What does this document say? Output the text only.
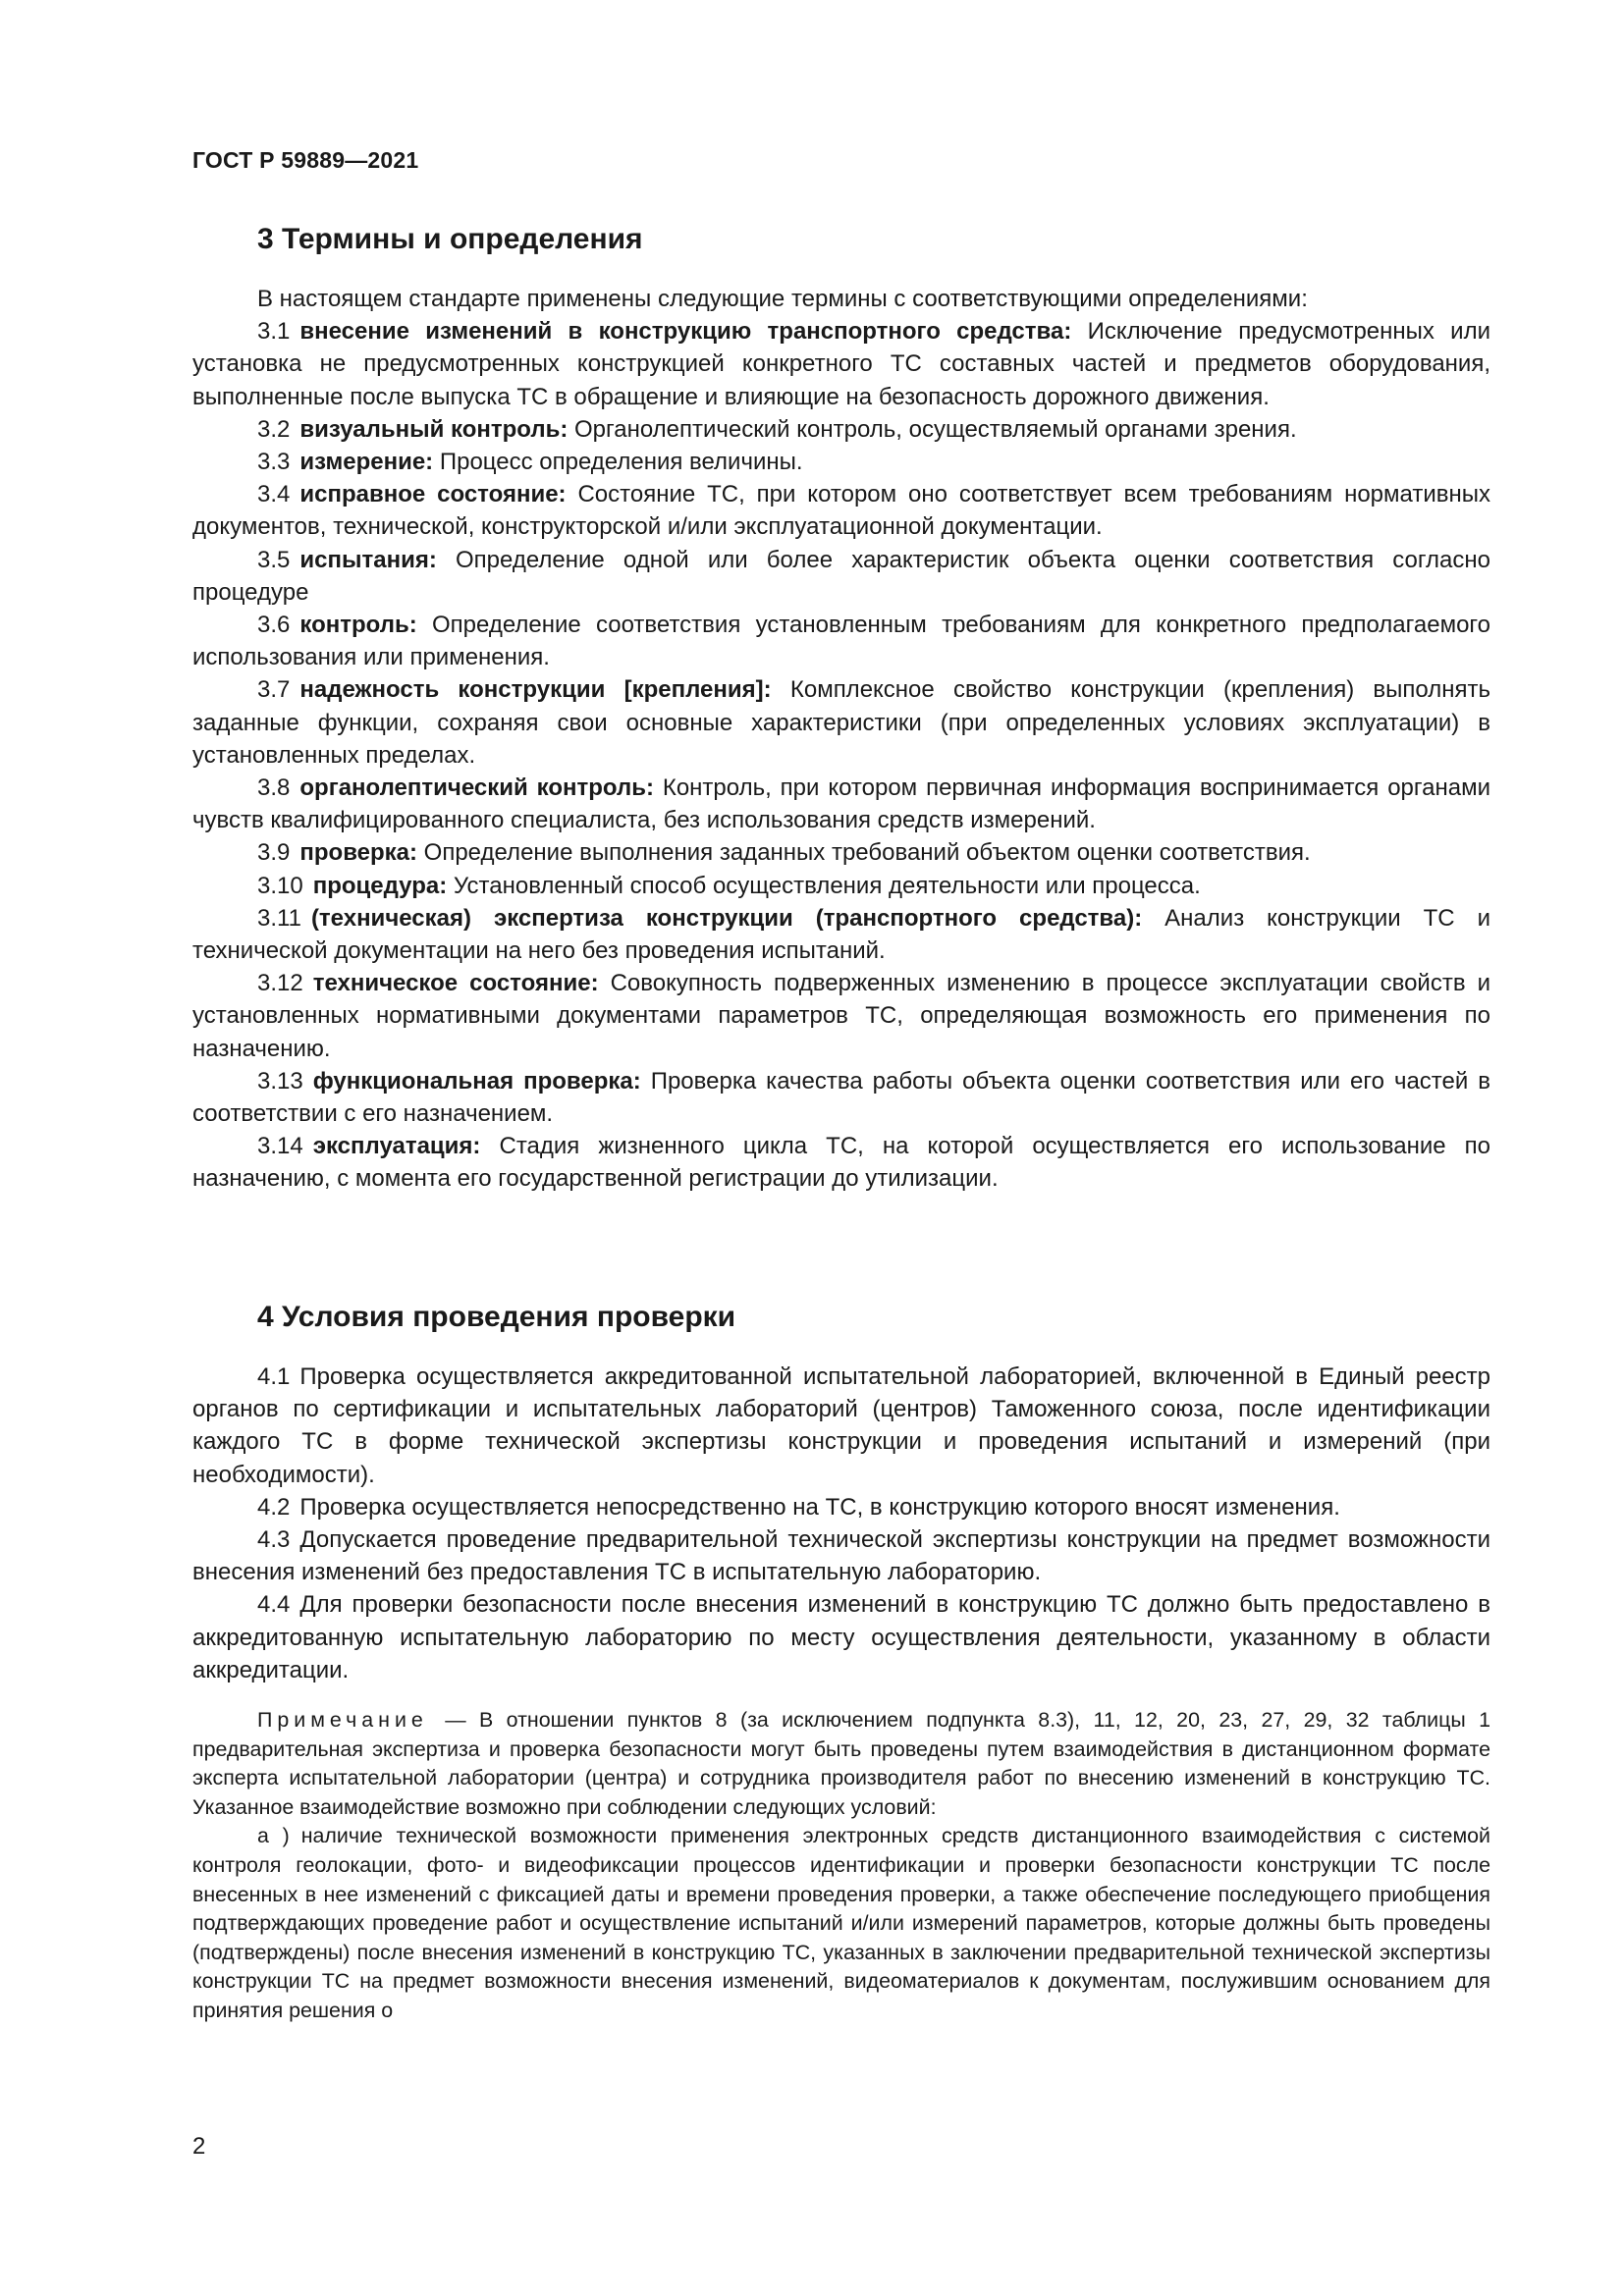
ГОСТ Р 59889—2021
3 Термины и определения

В настоящем стандарте применены следующие термины с соответствующими определениями:

3.1 внесение изменений в конструкцию транспортного средства: Исключение предусмотренных или установка не предусмотренных конструкцией конкретного ТС составных частей и предметов оборудования, выполненные после выпуска ТС в обращение и влияющие на безопасность дорожного движения.

3.2 визуальный контроль: Органолептический контроль, осуществляемый органами зрения.

3.3 измерение: Процесс определения величины.

3.4 исправное состояние: Состояние ТС, при котором оно соответствует всем требованиям нормативных документов, технической, конструкторской и/или эксплуатационной документации.

3.5 испытания: Определение одной или более характеристик объекта оценки соответствия согласно процедуре

3.6 контроль: Определение соответствия установленным требованиям для конкретного предполагаемого использования или применения.

3.7 надежность конструкции [крепления]: Комплексное свойство конструкции (крепления) выполнять заданные функции, сохраняя свои основные характеристики (при определенных условиях эксплуатации) в установленных пределах.

3.8 органолептический контроль: Контроль, при котором первичная информация воспринимается органами чувств квалифицированного специалиста, без использования средств измерений.

3.9 проверка: Определение выполнения заданных требований объектом оценки соответствия.

3.10 процедура: Установленный способ осуществления деятельности или процесса.

3.11 (техническая) экспертиза конструкции (транспортного средства): Анализ конструкции ТС и технической документации на него без проведения испытаний.

3.12 техническое состояние: Совокупность подверженных изменению в процессе эксплуатации свойств и установленных нормативными документами параметров ТС, определяющая возможность его применения по назначению.

3.13 функциональная проверка: Проверка качества работы объекта оценки соответствия или его частей в соответствии с его назначением.

3.14 эксплуатация: Стадия жизненного цикла ТС, на которой осуществляется его использование по назначению, с момента его государственной регистрации до утилизации.

4 Условия проведения проверки

4.1 Проверка осуществляется аккредитованной испытательной лабораторией, включенной в Единый реестр органов по сертификации и испытательных лабораторий (центров) Таможенного союза, после идентификации каждого ТС в форме технической экспертизы конструкции и проведения испытаний и измерений (при необходимости).

4.2 Проверка осуществляется непосредственно на ТС, в конструкцию которого вносят изменения.

4.3 Допускается проведение предварительной технической экспертизы конструкции на предмет возможности внесения изменений без предоставления ТС в испытательную лабораторию.

4.4 Для проверки безопасности после внесения изменений в конструкцию ТС должно быть предоставлено в аккредитованную испытательную лабораторию по месту осуществления деятельности, указанному в области аккредитации.

Примечание — В отношении пунктов 8 (за исключением подпункта 8.3), 11, 12, 20, 23, 27, 29, 32 таблицы 1 предварительная экспертиза и проверка безопасности могут быть проведены путем взаимодействия в дистанционном формате эксперта испытательной лаборатории (центра) и сотрудника производителя работ по внесению изменений в конструкцию ТС. Указанное взаимодействие возможно при соблюдении следующих условий:

а ) наличие технической возможности применения электронных средств дистанционного взаимодействия с системой контроля геолокации, фото- и видеофиксации процессов идентификации и проверки безопасности конструкции ТС после внесенных в нее изменений с фиксацией даты и времени проведения проверки, а также обеспечение последующего приобщения подтверждающих проведение работ и осуществление испытаний и/или измерений параметров, которые должны быть проведены (подтверждены) после внесения изменений в конструкцию ТС, указанных в заключении предварительной технической экспертизы конструкции ТС на предмет возможности внесения изменений, видеоматериалов к документам, послужившим основанием для принятия решения о

2
